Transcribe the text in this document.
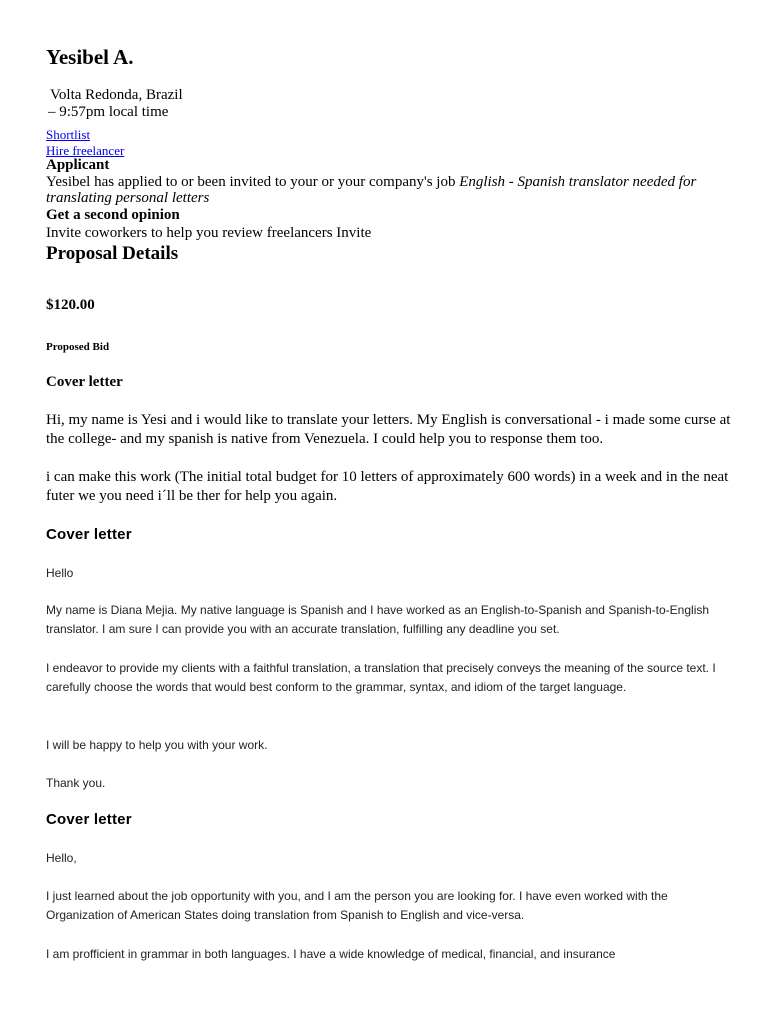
Yesibel A.
Volta Redonda, Brazil
– 9:57pm local time
Shortlist
Hire freelancer
Applicant
Yesibel has applied to or been invited to your or your company's job English - Spanish translator needed for translating personal letters
Get a second opinion
Invite coworkers to help you review freelancers Invite
Proposal Details
$120.00
Proposed Bid
Cover letter
Hi, my name is Yesi and i would like to translate your letters. My English is conversational - i made some curse at the college- and my spanish is native from Venezuela. I could help you to response them too.
i can make this work (The initial total budget for 10 letters of approximately 600 words) in a week and in the neat futer we you need i´ll be ther for help you again.
Cover letter
Hello
My name is Diana Mejia. My native language is Spanish and I have worked as an English-to-Spanish and Spanish-to-English translator. I am sure I can provide you with an accurate translation, fulfilling any deadline you set.
I endeavor to provide my clients with a faithful translation, a translation that precisely conveys the meaning of the source text. I carefully choose the words that would best conform to the grammar, syntax, and idiom of the target language.
I will be happy to help you with your work.
Thank you.
Cover letter
Hello,
I just learned about the job opportunity with you, and I am the person you are looking for. I have even worked with the Organization of American States doing translation from Spanish to English and vice-versa.
I am profficient in grammar in both languages. I have a wide knowledge of medical, financial, and insurance
